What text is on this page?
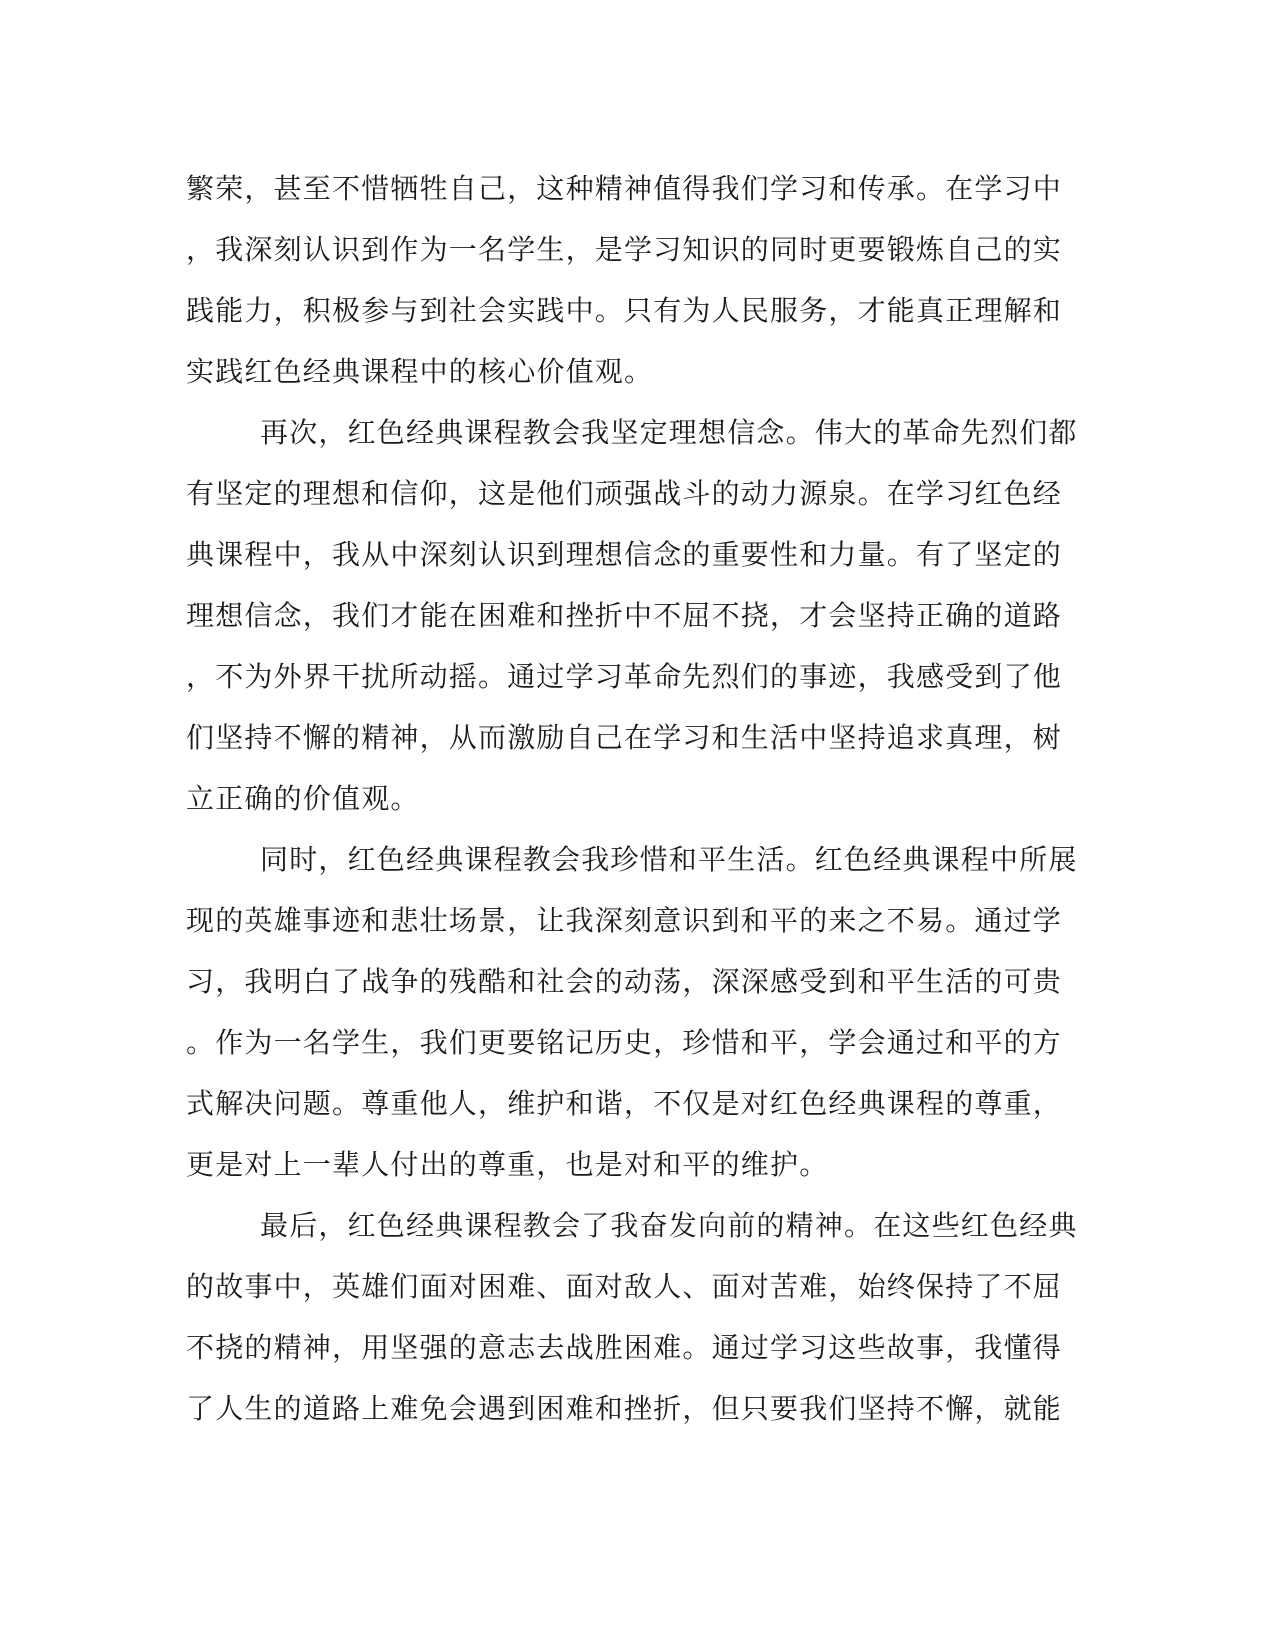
繁荣，甚至不惜牺牲自己，这种精神值得我们学习和传承。在学习中
，我深刻认识到作为一名学生，是学习知识的同时更要锻炼自己的实
践能力，积极参与到社会实践中。只有为人民服务，才能真正理解和
实践红色经典课程中的核心价值观。
再次，红色经典课程教会我坚定理想信念。伟大的革命先烈们都
有坚定的理想和信仰，这是他们顽强战斗的动力源泉。在学习红色经
典课程中，我从中深刻认识到理想信念的重要性和力量。有了坚定的
理想信念，我们才能在困难和挫折中不屈不挠，才会坚持正确的道路
，不为外界干扰所动摇。通过学习革命先烈们的事迹，我感受到了他
们坚持不懈的精神，从而激励自己在学习和生活中坚持追求真理，树
立正确的价值观。
同时，红色经典课程教会我珍惜和平生活。红色经典课程中所展
现的英雄事迹和悲壮场景，让我深刻意识到和平的来之不易。通过学
习，我明白了战争的残酷和社会的动荡，深深感受到和平生活的可贵
。作为一名学生，我们更要铭记历史，珍惜和平，学会通过和平的方
式解决问题。尊重他人，维护和谐，不仅是对红色经典课程的尊重，
更是对上一辈人付出的尊重，也是对和平的维护。
最后，红色经典课程教会了我奋发向前的精神。在这些红色经典
的故事中，英雄们面对困难、面对敌人、面对苦难，始终保持了不屈
不挠的精神，用坚强的意志去战胜困难。通过学习这些故事，我懂得
了人生的道路上难免会遇到困难和挫折，但只要我们坚持不懈，就能
